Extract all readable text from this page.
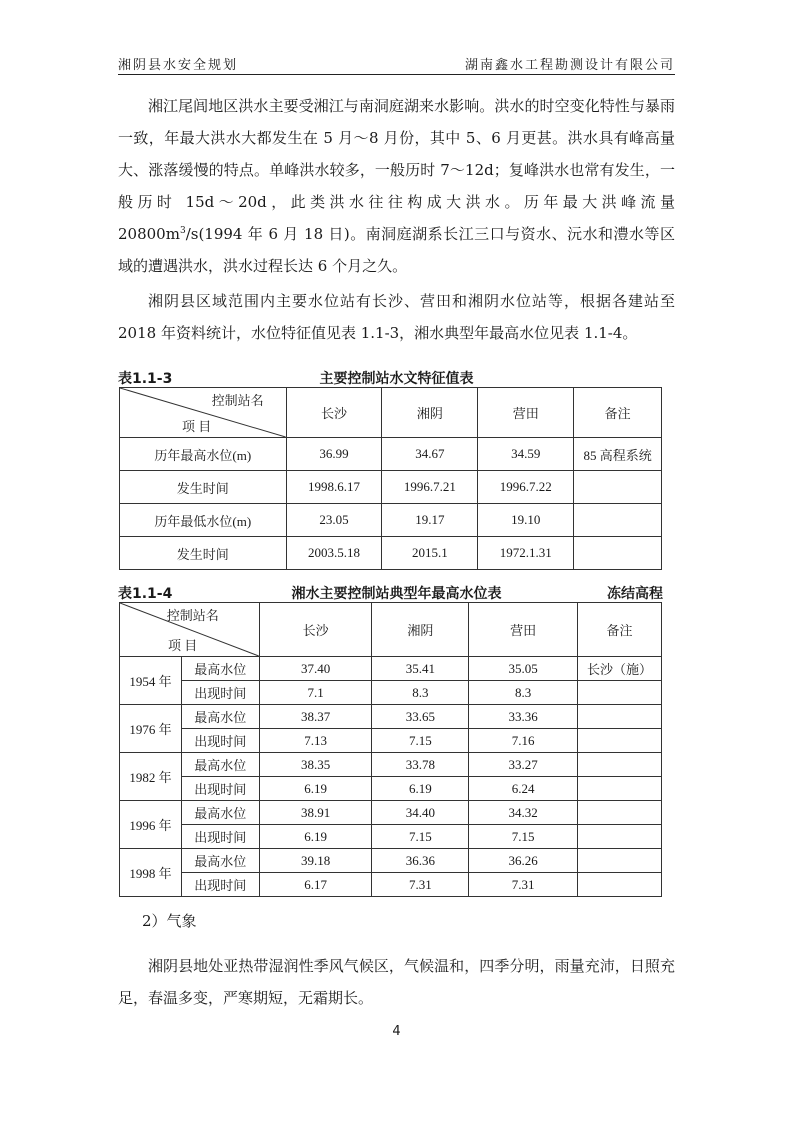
湘阴县水安全规划	湖南鑫水工程勘测设计有限公司

湘江尾闾地区洪水主要受湘江与南洞庭湖来水影响。洪水的时空变化特性与暴雨一致，年最大洪水大都发生在 5 月～8 月份，其中 5、6 月更甚。洪水具有峰高量大、涨落缓慢的特点。单峰洪水较多，一般历时 7～12d；复峰洪水也常有发生，一般历时 15d～20d，此类洪水往往构成大洪水。历年最大洪峰流量$20800m^3/s(1994$ 年 6 月 18 日)。南洞庭湖系长江三口与资水、沅水和澧水等区域的遭遇洪水，洪水过程长达 6 个月之久。

湘阴县区域范围内主要水位站有长沙、营田和湘阴水位站等，根据各建站至 2018 年资料统计，水位特征值见表 1.1-3，湘水典型年最高水位见表 1.1-4。

表1.1-3	主要控制站水文特征值表
控制站名
项 目	长沙	湘阴	营田	备注
历年最高水位(m)	36.99	34.67	34.59	85 高程系统
发生时间	1998.6.17	1996.7.21	1996.7.22	
历年最低水位(m)	23.05	19.17	19.10	
发生时间	2003.5.18	2015.1	1972.1.31	
表1.1-4	湘水主要控制站典型年最高水位表	冻结高程
控制站名
项 目		长沙	湘阴	营田	备注
1954 年	最高水位	37.40	35.41	35.05	长沙（施）
	出现时间	7.1	8.3	8.3	
1976 年	最高水位	38.37	33.65	33.36	
	出现时间	7.13	7.15	7.16	
1982 年	最高水位	38.35	33.78	33.27	
	出现时间	6.19	6.19	6.24	
1996 年	最高水位	38.91	34.40	34.32	
	出现时间	6.19	7.15	7.15	
1998 年	最高水位	39.18	36.36	36.26	
	出现时间	6.17	7.31	7.31	
2）气象

湘阴县地处亚热带湿润性季风气候区，气候温和，四季分明，雨量充沛，日照充足，春温多变，严寒期短，无霜期长。

4
